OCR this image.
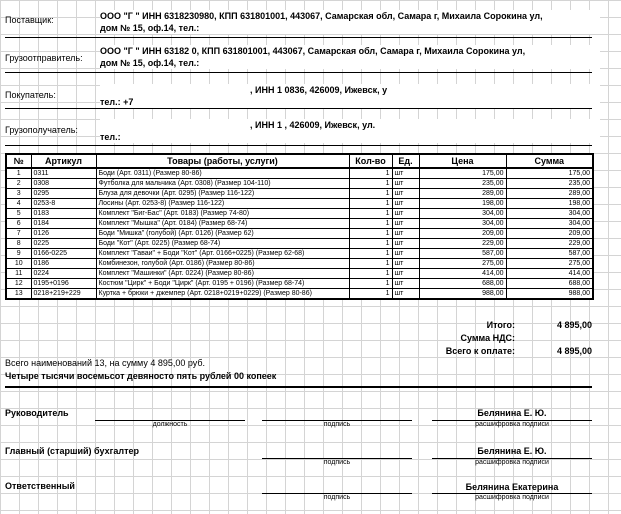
Поставщик:	ООО "Г " ИНН 6318230980, КПП 631801001, 443067, Самарская обл, Самара г, Михаила Сорокина ул,
дом № 15, оф.14, тел.:
Грузоотправитель:
ООО "Г " ИНН 63182 0, КПП 631801001, 443067, Самарская обл, Самара г, Михаила Сорокина ул,
дом № 15, оф.14, тел.:
Покупатель:	, ИНН 1 0836, 426009, Ижевск, у
тел.: +7
Грузополучатель:	, ИНН 1 , 426009, Ижевск, ул.
тел.:
№	Артикул	Товары (работы, услуги)	Кол-во	Ед.	Цена	Сумма
1	0311	Боди (Арт. 0311) (Размер 80-86)	1	шт	175,00	175,00
2	0308	Футболка для мальчика (Арт. 0308) (Размер 104-110)	1	шт	235,00	235,00
3	0295	Блуза для девочки (Арт. 0295) (Размер 116-122)	1	шт	289,00	289,00
4	0253-8	Лосины (Арт. 0253-8) (Размер 116-122)	1	шт	198,00	198,00
5	0183	Комплект "Биг-Бас" (Арт. 0183) (Размер 74-80)	1	шт	304,00	304,00
6	0184	Комплект "Мышка" (Арт. 0184) (Размер 68-74)	1	шт	304,00	304,00
7	0126	Боди "Мишка" (голубой) (Арт. 0126) (Размер 62)	1	шт	209,00	209,00
8	0225	Боди "Кот" (Арт. 0225) (Размер 68-74)	1	шт	229,00	229,00
9	0166-0225	Комплект "Гаваи" + Боди "Кот" (Арт. 0166+0225) (Размер 62-68)	1	шт	587,00	587,00
10	0186	Комбинезон, голубой (Арт. 0186) (Размер 80-86)	1	шт	275,00	275,00
11	0224	Комплект "Машинки" (Арт. 0224) (Размер 80-86)	1	шт	414,00	414,00
12	0195+0196	Костюм "Цирк" + Боди "Цирк" (Арт. 0195 + 0196) (Размер 68-74)	1	шт	688,00	688,00
13	0218+219+229	Куртка + брюки + джемпер (Арт. 0218+0219+0229) (Размер 80-86)	1	шт	988,00	988,00
Итого:	4 895,00
Сумма НДС:
Всего к оплате:	4 895,00
Всего наименований 13, на сумму 4 895,00 руб.
Четыре тысячи восемьсот девяносто пять рублей 00 копеек
Руководитель	Белянина Е. Ю.
должность	подпись	расшифровка подписи
Главный (старший) бухгалтер	Белянина Е. Ю.
подпись	расшифровка подписи
Ответственный	Белянина Екатерина
подпись	расшифровка подписи
